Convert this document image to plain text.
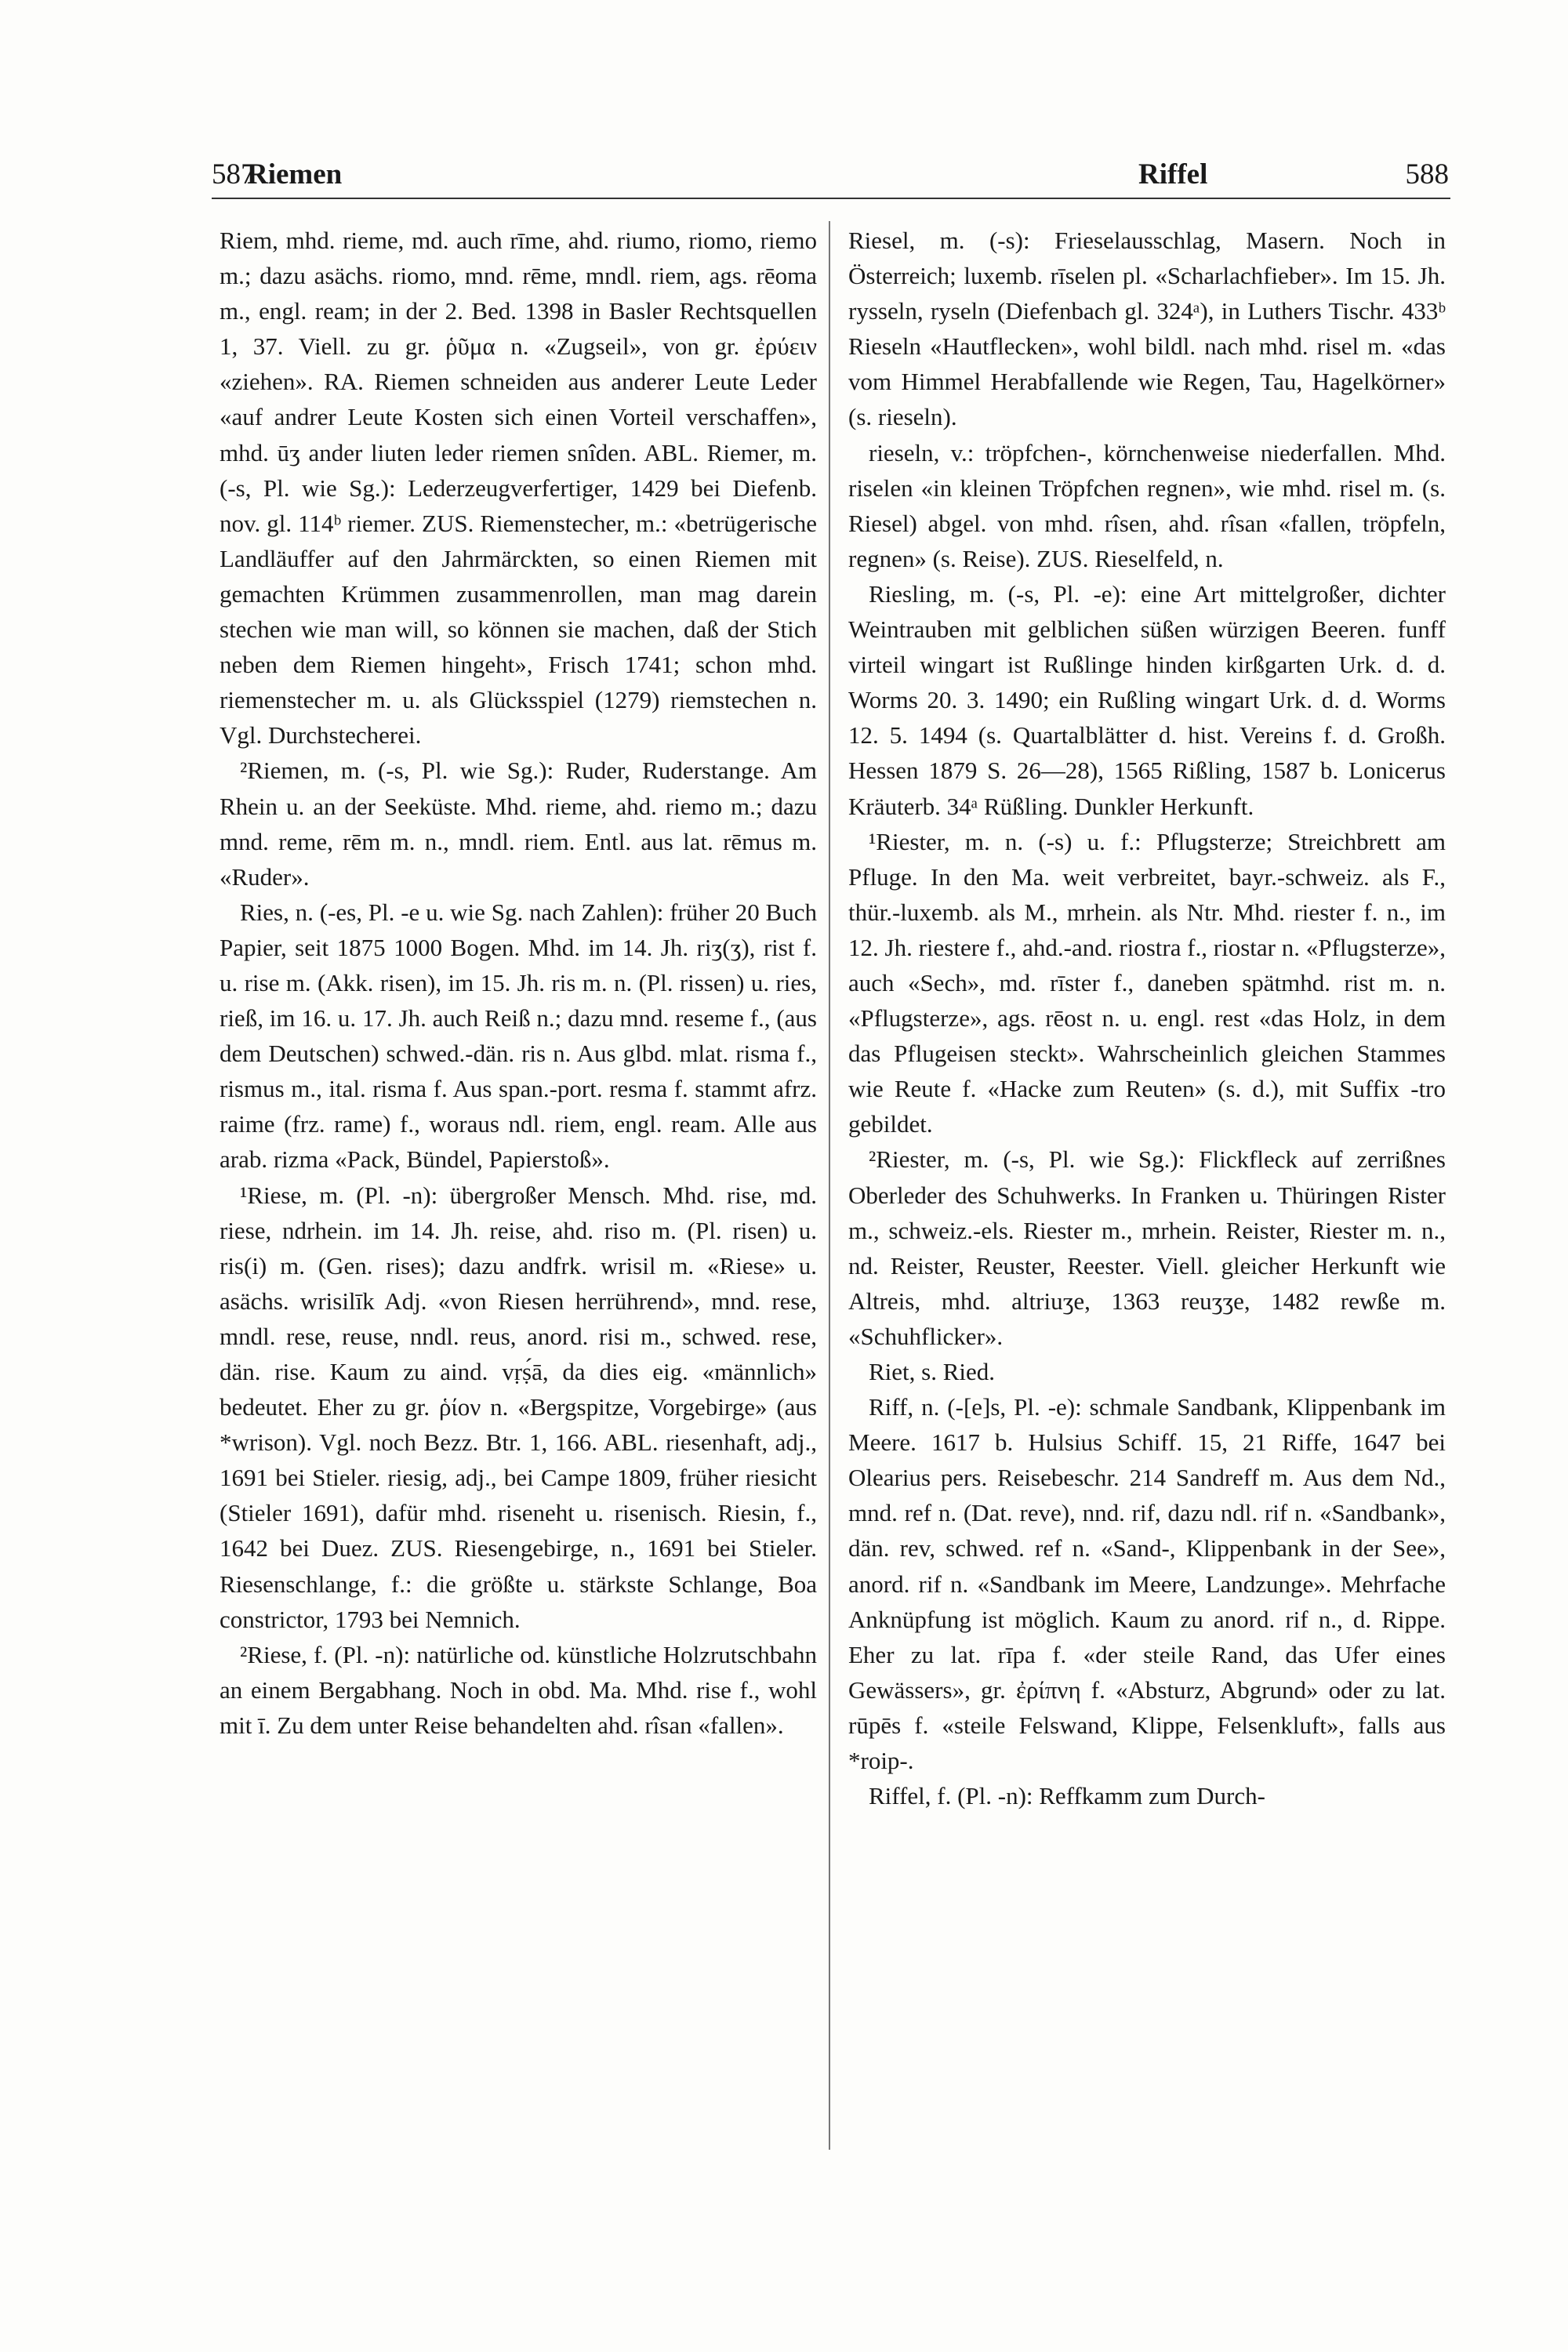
587
Riemen	Riffel	588

Riem, mhd. rieme, md. auch rīme, ahd. riumo, riomo, riemo m.; dazu asächs. riomo, mnd. rēme, mndl. riem, ags. rēoma m., engl. ream; in der 2. Bed. 1398 in Basler Rechtsquellen 1, 37. Viell. zu gr. ῥῦμα n. «Zugseil», von gr. ἐρύειν «ziehen». RA. Riemen schneiden aus anderer Leute Leder «auf andrer Leute Kosten sich einen Vorteil verschaffen», mhd. ūʒ ander liuten leder riemen snîden. ABL. Riemer, m. (-s, Pl. wie Sg.): Lederzeugverfertiger, 1429 bei Diefenb. nov. gl. 114ᵇ riemer. ZUS. Riemenstecher, m.: «betrügerische Landläuffer auf den Jahrmärckten, so einen Riemen mit gemachten Krümmen zusammenrollen, man mag darein stechen wie man will, so können sie machen, daß der Stich neben dem Riemen hingeht», Frisch 1741; schon mhd. riemenstecher m. u. als Glücksspiel (1279) riemstechen n. Vgl. Durchstecherei.

²Riemen, m. (-s, Pl. wie Sg.): Ruder, Ruderstange. Am Rhein u. an der Seeküste. Mhd. rieme, ahd. riemo m.; dazu mnd. reme, rēm m. n., mndl. riem. Entl. aus lat. rēmus m. «Ruder».

Ries, n. (-es, Pl. -e u. wie Sg. nach Zahlen): früher 20 Buch Papier, seit 1875 1000 Bogen. Mhd. im 14. Jh. riʒ(ʒ), rist f. u. rise m. (Akk. risen), im 15. Jh. ris m. n. (Pl. rissen) u. ries, rieß, im 16. u. 17. Jh. auch Reiß n.; dazu mnd. reseme f., (aus dem Deutschen) schwed.-dän. ris n. Aus glbd. mlat. risma f., rismus m., ital. risma f. Aus span.-port. resma f. stammt afrz. raime (frz. rame) f., woraus ndl. riem, engl. ream. Alle aus arab. rizma «Pack, Bündel, Papierstoß».

¹Riese, m. (Pl. -n): übergroßer Mensch. Mhd. rise, md. riese, ndrhein. im 14. Jh. reise, ahd. riso m. (Pl. risen) u. ris(i) m. (Gen. rises); dazu andfrk. wrisil m. «Riese» u. asächs. wrisilīk Adj. «von Riesen herrührend», mnd. rese, mndl. rese, reuse, nndl. reus, anord. risi m., schwed. rese, dän. rise. Kaum zu aind. vṛṣ́ā, da dies eig. «männlich» bedeutet. Eher zu gr. ῥίον n. «Bergspitze, Vorgebirge» (aus *wrison). Vgl. noch Bezz. Btr. 1, 166. ABL. riesenhaft, adj., 1691 bei Stieler. riesig, adj., bei Campe 1809, früher riesicht (Stieler 1691), dafür mhd. riseneht u. risenisch. Riesin, f., 1642 bei Duez. ZUS. Riesengebirge, n., 1691 bei Stieler. Riesenschlange, f.: die größte u. stärkste Schlange, Boa constrictor, 1793 bei Nemnich.

²Riese, f. (Pl. -n): natürliche od. künstliche Holzrutschbahn an einem Bergabhang. Noch in obd. Ma. Mhd. rise f., wohl mit ī. Zu dem unter Reise behandelten ahd. rîsan «fallen».

Riesel, m. (-s): Frieselausschlag, Masern. Noch in Österreich; luxemb. rīselen pl. «Scharlachfieber». Im 15. Jh. rysseln, ryseln (Diefenbach gl. 324ᵃ), in Luthers Tischr. 433ᵇ Rieseln «Hautflecken», wohl bildl. nach mhd. risel m. «das vom Himmel Herabfallende wie Regen, Tau, Hagelkörner» (s. rieseln).

rieseln, v.: tröpfchen-, körnchenweise niederfallen. Mhd. riselen «in kleinen Tröpfchen regnen», wie mhd. risel m. (s. Riesel) abgel. von mhd. rîsen, ahd. rîsan «fallen, tröpfeln, regnen» (s. Reise). ZUS. Rieselfeld, n.

Riesling, m. (-s, Pl. -e): eine Art mittelgroßer, dichter Weintrauben mit gelblichen süßen würzigen Beeren. funff virteil wingart ist Rußlinge hinden kirßgarten Urk. d. d. Worms 20. 3. 1490; ein Rußling wingart Urk. d. d. Worms 12. 5. 1494 (s. Quartalblätter d. hist. Vereins f. d. Großh. Hessen 1879 S. 26—28), 1565 Rißling, 1587 b. Lonicerus Kräuterb. 34ᵃ Rüßling. Dunkler Herkunft.

¹Riester, m. n. (-s) u. f.: Pflugsterze; Streichbrett am Pfluge. In den Ma. weit verbreitet, bayr.-schweiz. als F., thür.-luxemb. als M., mrhein. als Ntr. Mhd. riester f. n., im 12. Jh. riestere f., ahd.-and. riostra f., riostar n. «Pflugsterze», auch «Sech», md. rīster f., daneben spätmhd. rist m. n. «Pflugsterze», ags. rēost n. u. engl. rest «das Holz, in dem das Pflugeisen steckt». Wahrscheinlich gleichen Stammes wie Reute f. «Hacke zum Reuten» (s. d.), mit Suffix -tro gebildet.

²Riester, m. (-s, Pl. wie Sg.): Flickfleck auf zerrißnes Oberleder des Schuhwerks. In Franken u. Thüringen Rister m., schweiz.-els. Riester m., mrhein. Reister, Riester m. n., nd. Reister, Reuster, Reester. Viell. gleicher Herkunft wie Altreis, mhd. altriuʒe, 1363 reuʒʒe, 1482 rewße m. «Schuhflicker».

Riet, s. Ried.

Riff, n. (-[e]s, Pl. -e): schmale Sandbank, Klippenbank im Meere. 1617 b. Hulsius Schiff. 15, 21 Riffe, 1647 bei Olearius pers. Reisebeschr. 214 Sandreff m. Aus dem Nd., mnd. ref n. (Dat. reve), nnd. rif, dazu ndl. rif n. «Sandbank», dän. rev, schwed. ref n. «Sand-, Klippenbank in der See», anord. rif n. «Sandbank im Meere, Landzunge». Mehrfache Anknüpfung ist möglich. Kaum zu anord. rif n., d. Rippe. Eher zu lat. rīpa f. «der steile Rand, das Ufer eines Gewässers», gr. ἐρίπνη f. «Absturz, Abgrund» oder zu lat. rūpēs f. «steile Felswand, Klippe, Felsenkluft», falls aus *roip-.

Riffel, f. (Pl. -n): Reffkamm zum Durch-
